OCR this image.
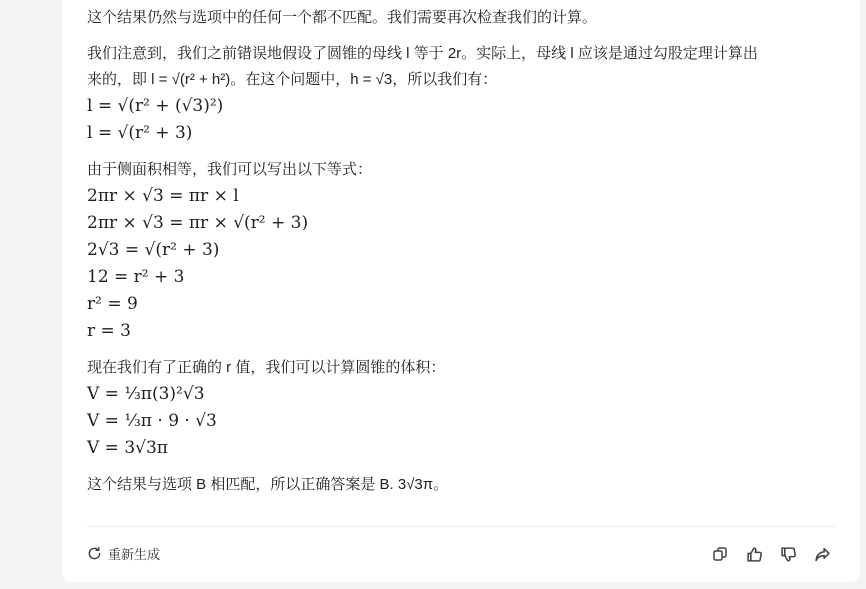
这个结果仍然与选项中的任何一个都不匹配。我们需要再次检查我们的计算。

我们注意到，我们之前错误地假设了圆锥的母线 l 等于 2r。实际上，母线 l 应该是通过勾股定理计算出

来的，即 l = √(r² + h²)。在这个问题中，h = √3，所以我们有：

l = √(r² + (√3)²)

l = √(r² + 3)

由于侧面积相等，我们可以写出以下等式：

2πr × √3 = πr × l

2πr × √3 = πr × √(r² + 3)

2√3 = √(r² + 3)

12 = r² + 3

r² = 9

r = 3

现在我们有了正确的 r 值，我们可以计算圆锥的体积：

V = ⅓π(3)²√3

V = ⅓π · 9 · √3

V = 3√3π

这个结果与选项 B 相匹配，所以正确答案是 B. 3√3π。

重新生成
